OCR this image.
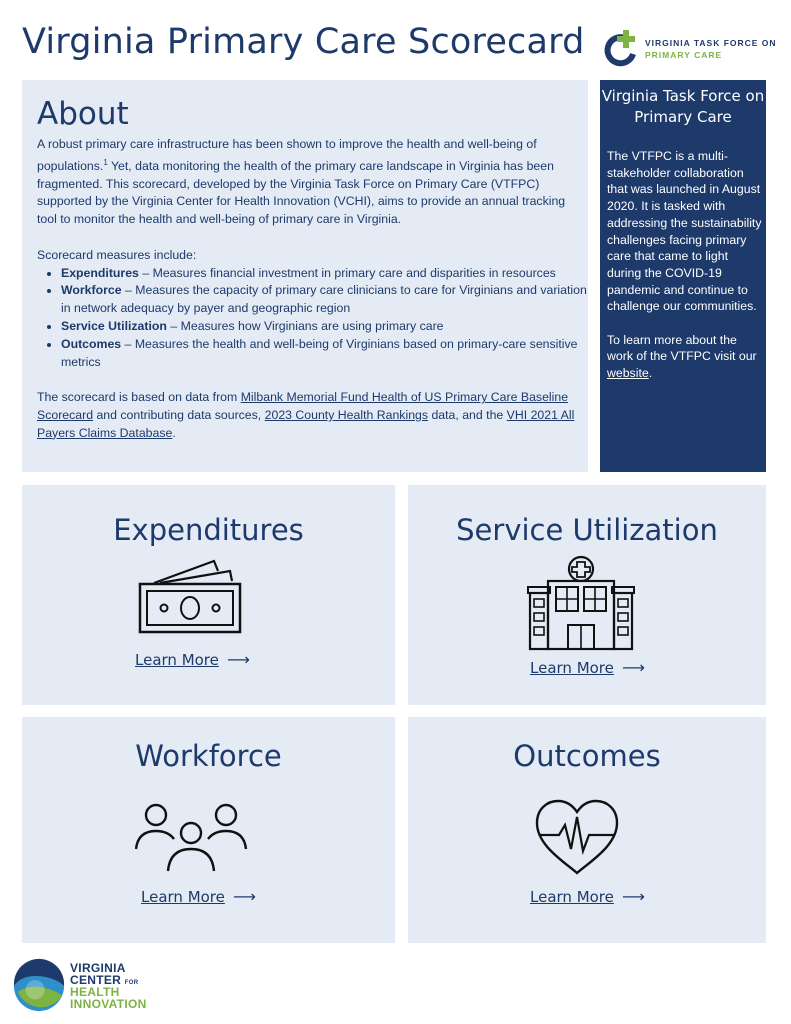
Virginia Primary Care Scorecard	VIRGINIA TASK FORCE ON
PRIMARY CARE
About

A robust primary care infrastructure has been shown to improve the health and well-being of populations.$^1$ Yet, data monitoring the health of the primary care landscape in Virginia has been fragmented. This scorecard, developed by the Virginia Task Force on Primary Care (VTFPC) supported by the Virginia Center for Health Innovation (VCHI), aims to provide an annual tracking tool to monitor the health and well-being of primary care in Virginia.

Scorecard measures include:

• Expenditures – Measures financial investment in primary care and disparities in resources
• Workforce – Measures the capacity of primary care clinicians to care for Virginians and variation in network adequacy by payer and geographic region
• Service Utilization – Measures how Virginians are using primary care
• Outcomes – Measures the health and well-being of Virginians based on primary-care sensitive metrics

The scorecard is based on data from Milbank Memorial Fund Health of US Primary Care Baseline Scorecard and contributing data sources, 2023 County Health Rankings data, and the VHI 2021 All Payers Claims Database.

Virginia Task Force on Primary Care

The VTFPC is a multi-stakeholder collaboration that was launched in August 2020. It is tasked with addressing the sustainability challenges facing primary care that came to light during the COVID-19 pandemic and continue to challenge our communities.

To learn more about the work of the VTFPC visit our website.

Expenditures
Learn More ⟶
Service Utilization
Learn More ⟶
Workforce
Learn More ⟶
Outcomes
Learn More ⟶
VIRGINIA
CENTER FOR
HEALTH
INNOVATION
